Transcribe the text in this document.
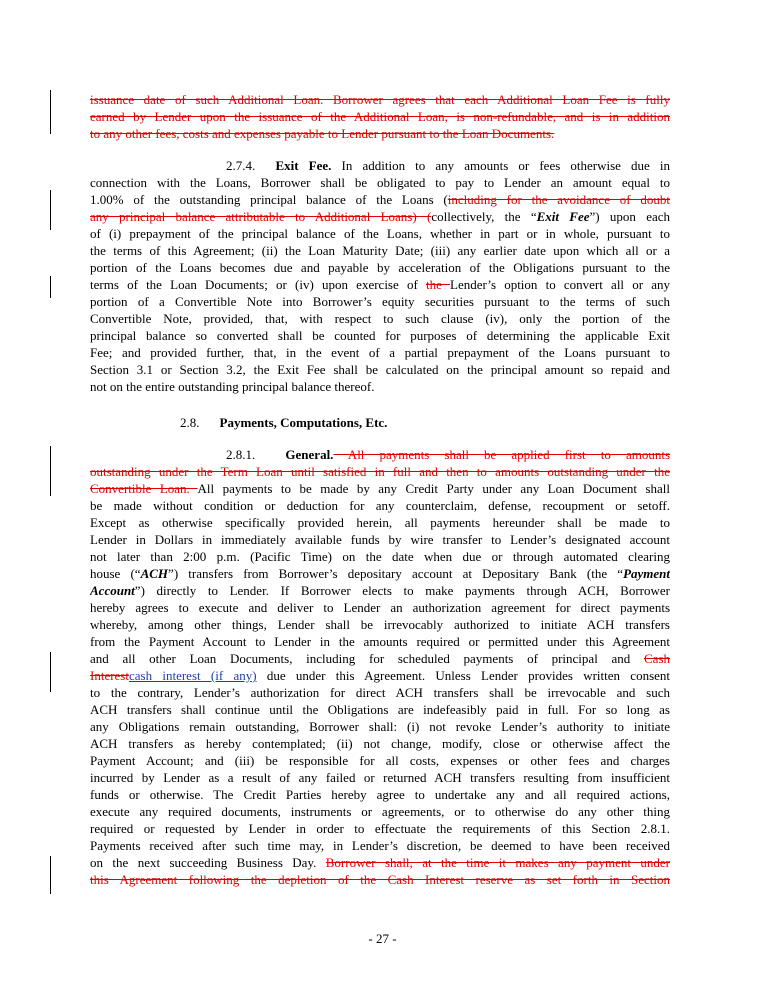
issuance date of such Additional Loan. Borrower agrees that each Additional Loan Fee is fully
earned by Lender upon the issuance of the Additional Loan, is non-refundable, and is in addition
to any other fees, costs and expenses payable to Lender pursuant to the Loan Documents.
2.7.4. Exit Fee. In addition to any amounts or fees otherwise due in
connection with the Loans, Borrower shall be obligated to pay to Lender an amount equal to
1.00% of the outstanding principal balance of the Loans (including for the avoidance of doubt
any principal balance attributable to Additional Loans) (collectively, the “Exit Fee”) upon each
of (i) prepayment of the principal balance of the Loans, whether in part or in whole, pursuant to
the terms of this Agreement; (ii) the Loan Maturity Date; (iii) any earlier date upon which all or a
portion of the Loans becomes due and payable by acceleration of the Obligations pursuant to the
terms of the Loan Documents; or (iv) upon exercise of the Lender’s option to convert all or any
portion of a Convertible Note into Borrower’s equity securities pursuant to the terms of such
Convertible Note, provided, that, with respect to such clause (iv), only the portion of the
principal balance so converted shall be counted for purposes of determining the applicable Exit
Fee; and provided further, that, in the event of a partial prepayment of the Loans pursuant to
Section 3.1 or Section 3.2, the Exit Fee shall be calculated on the principal amount so repaid and
not on the entire outstanding principal balance thereof.
2.8. Payments, Computations, Etc.
2.8.1. General. All payments shall be applied first to amounts
outstanding under the Term Loan until satisfied in full and then to amounts outstanding under the
Convertible Loan. All payments to be made by any Credit Party under any Loan Document shall
be made without condition or deduction for any counterclaim, defense, recoupment or setoff.
Except as otherwise specifically provided herein, all payments hereunder shall be made to
Lender in Dollars in immediately available funds by wire transfer to Lender’s designated account
not later than 2:00 p.m. (Pacific Time) on the date when due or through automated clearing
house (“ACH”) transfers from Borrower’s depositary account at Depositary Bank (the “Payment
Account”) directly to Lender. If Borrower elects to make payments through ACH, Borrower
hereby agrees to execute and deliver to Lender an authorization agreement for direct payments
whereby, among other things, Lender shall be irrevocably authorized to initiate ACH transfers
from the Payment Account to Lender in the amounts required or permitted under this Agreement
and all other Loan Documents, including for scheduled payments of principal and Cash
Interestcash interest (if any) due under this Agreement. Unless Lender provides written consent
to the contrary, Lender’s authorization for direct ACH transfers shall be irrevocable and such
ACH transfers shall continue until the Obligations are indefeasibly paid in full. For so long as
any Obligations remain outstanding, Borrower shall: (i) not revoke Lender’s authority to initiate
ACH transfers as hereby contemplated; (ii) not change, modify, close or otherwise affect the
Payment Account; and (iii) be responsible for all costs, expenses or other fees and charges
incurred by Lender as a result of any failed or returned ACH transfers resulting from insufficient
funds or otherwise. The Credit Parties hereby agree to undertake any and all required actions,
execute any required documents, instruments or agreements, or to otherwise do any other thing
required or requested by Lender in order to effectuate the requirements of this Section 2.8.1.
Payments received after such time may, in Lender’s discretion, be deemed to have been received
on the next succeeding Business Day. Borrower shall, at the time it makes any payment under
this Agreement following the depletion of the Cash Interest reserve as set forth in Section
- 27 -
